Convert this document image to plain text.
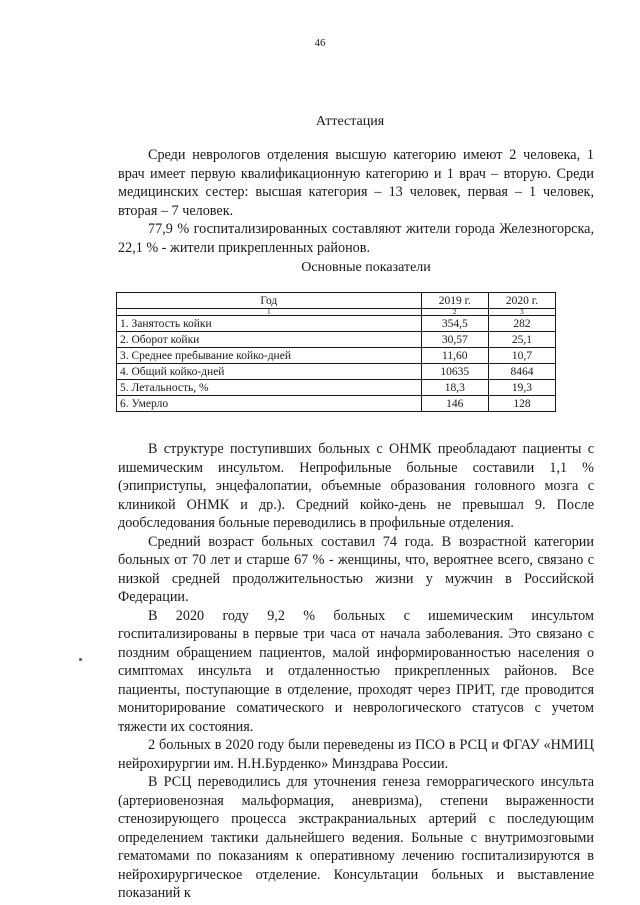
46
Аттестация
Среди неврологов отделения высшую категорию имеют 2 человека, 1 врач имеет первую квалификационную категорию и 1 врач – вторую. Среди медицинских сестер: высшая категория – 13 человек, первая – 1 человек, вторая – 7 человек.
77,9 % госпитализированных составляют жители города Железногорска, 22,1 % - жители прикрепленных районов.
Основные показатели
Год	2019 г.	2020 г.
1	2	3
1. Занятость койки	354,5	282
2. Оборот койки	30,57	25,1
3. Среднее пребывание койко-дней	11,60	10,7
4. Общий койко-дней	10635	8464
5. Летальность, %	18,3	19,3
6. Умерло	146	128
В структуре поступивших больных с ОНМК преобладают пациенты с ишемическим инсультом. Непрофильные больные составили 1,1 % (эпиприступы, энцефалопатии, объемные образования головного мозга с клиникой ОНМК и др.). Средний койко-день не превышал 9. После дообследования больные переводились в профильные отделения.
Средний возраст больных составил 74 года. В возрастной категории больных от 70 лет и старше 67 % - женщины, что, вероятнее всего, связано с низкой средней продолжительностью жизни у мужчин в Российской Федерации.
В 2020 году 9,2 % больных с ишемическим инсультом госпитализированы в первые три часа от начала заболевания. Это связано с поздним обращением пациентов, малой информированностью населения о симптомах инсульта и отдаленностью прикрепленных районов. Все пациенты, поступающие в отделение, проходят через ПРИТ, где проводится мониторирование соматического и неврологического статусов с учетом тяжести их состояния.
2 больных в 2020 году были переведены из ПСО в РСЦ и ФГАУ «НМИЦ нейрохирургии им. Н.Н.Бурденко» Минздрава России.
В РСЦ переводились для уточнения генеза геморрагического инсульта (артериовенозная мальформация, аневризма), степени выраженности стенозирующего процесса экстракраниальных артерий с последующим определением тактики дальнейшего ведения. Больные с внутримозговыми гематомами по показаниям к оперативному лечению госпитализируются в нейрохирургическое отделение. Консультации больных и выставление показаний к
